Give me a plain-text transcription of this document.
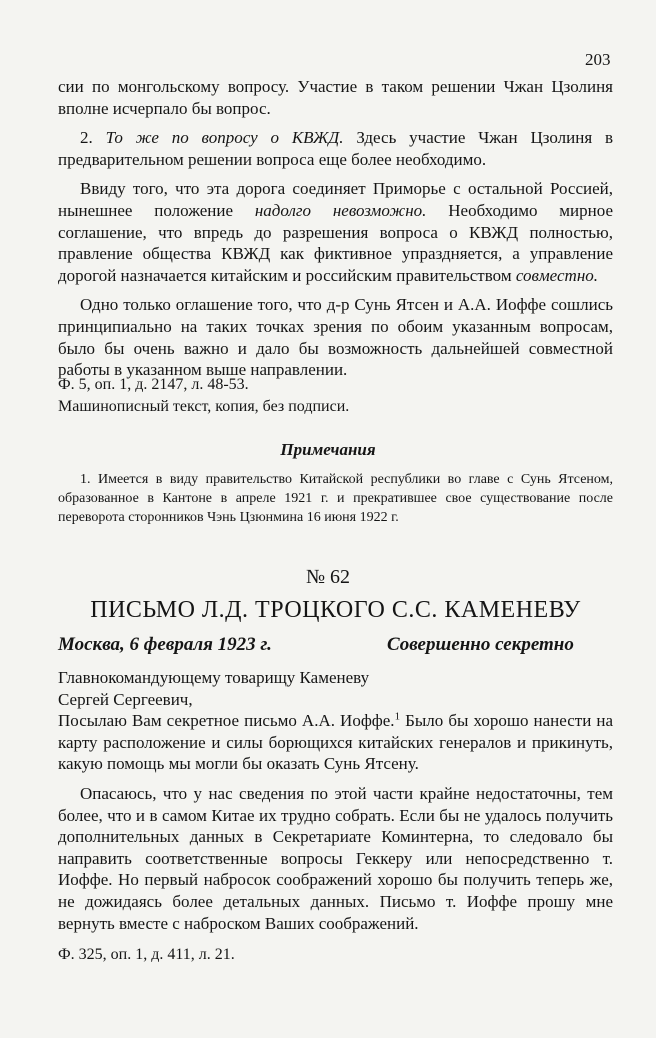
203

сии по монгольскому вопросу. Участие в таком решении Чжан Цзолиня вполне исчерпало бы вопрос.

2. То же по вопросу о КВЖД. Здесь участие Чжан Цзолиня в предварительном решении вопроса еще более необходимо.

Ввиду того, что эта дорога соединяет Приморье с остальной Россией, нынешнее положение надолго невозможно. Необходимо мирное соглашение, что впредь до разрешения вопроса о КВЖД полностью, правление общества КВЖД как фиктивное упраздняется, а управление дорогой назначается китайским и российским правительством совместно.

Одно только оглашение того, что д-р Сунь Ятсен и А.А. Иоффе сошлись принципиально на таких точках зрения по обоим указанным вопросам, было бы очень важно и дало бы возможность дальнейшей совместной работы в указанном выше направлении.

Ф. 5, оп. 1, д. 2147, л. 48-53.

Машинописный текст, копия, без подписи.

Примечания

1. Имеется в виду правительство Китайской республики во главе с Сунь Ятсеном, образованное в Кантоне в апреле 1921 г. и прекратившее свое существование после переворота сторонников Чэнь Цзюнмина 16 июня 1922 г.

№ 62
ПИСЬМО Л.Д. ТРОЦКОГО С.С. КАМЕНЕВУ
Москва, 6 февраля 1923 г.	Совершенно секретно

Главнокомандующему товарищу Каменеву

Сергей Сергеевич,

Посылаю Вам секретное письмо А.А. Иоффе.$^1$ Было бы хорошо нанести на карту расположение и силы борющихся китайских генералов и прикинуть, какую помощь мы могли бы оказать Сунь Ятсену.

Опасаюсь, что у нас сведения по этой части крайне недостаточны, тем более, что и в самом Китае их трудно собрать. Если бы не удалось получить дополнительных данных в Секретариате Коминтерна, то следовало бы направить соответственные вопросы Геккеру или непосредственно т. Иоффе. Но первый набросок соображений хорошо бы получить теперь же, не дожидаясь более детальных данных. Письмо т. Иоффе прошу мне вернуть вместе с наброском Ваших соображений.

Ф. 325, оп. 1, д. 411, л. 21.
